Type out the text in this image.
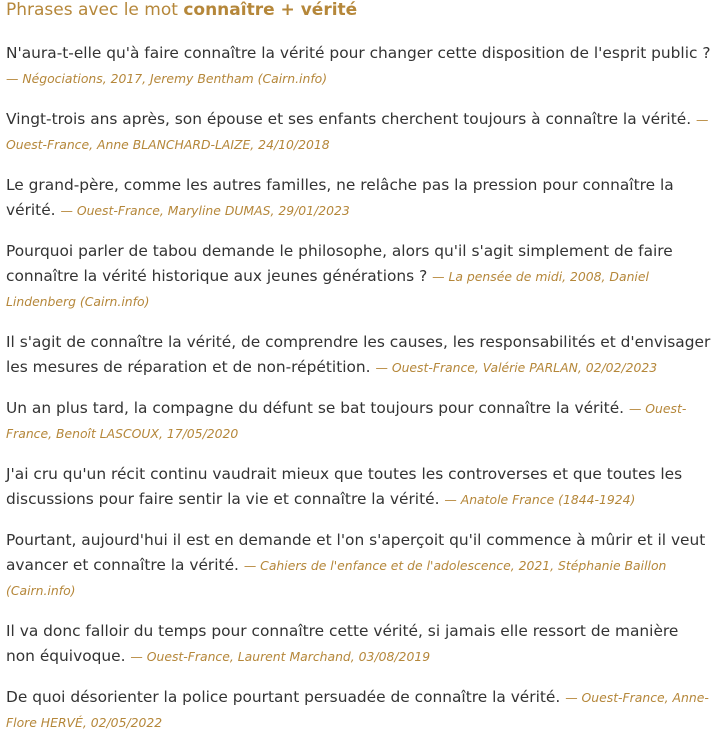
Phrases avec le mot connaître + vérité
N'aura-t-elle qu'à faire connaître la vérité pour changer cette disposition de l'esprit public ? — Négociations, 2017, Jeremy Bentham (Cairn.info)
Vingt-trois ans après, son épouse et ses enfants cherchent toujours à connaître la vérité. — Ouest-France, Anne BLANCHARD-LAIZE, 24/10/2018
Le grand-père, comme les autres familles, ne relâche pas la pression pour connaître la vérité. — Ouest-France, Maryline DUMAS, 29/01/2023
Pourquoi parler de tabou demande le philosophe, alors qu'il s'agit simplement de faire connaître la vérité historique aux jeunes générations ? — La pensée de midi, 2008, Daniel Lindenberg (Cairn.info)
Il s'agit de connaître la vérité, de comprendre les causes, les responsabilités et d'envisager les mesures de réparation et de non-répétition. — Ouest-France, Valérie PARLAN, 02/02/2023
Un an plus tard, la compagne du défunt se bat toujours pour connaître la vérité. — Ouest-France, Benoît LASCOUX, 17/05/2020
J'ai cru qu'un récit continu vaudrait mieux que toutes les controverses et que toutes les discussions pour faire sentir la vie et connaître la vérité. — Anatole France (1844-1924)
Pourtant, aujourd'hui il est en demande et l'on s'aperçoit qu'il commence à mûrir et il veut avancer et connaître la vérité. — Cahiers de l'enfance et de l'adolescence, 2021, Stéphanie Baillon (Cairn.info)
Il va donc falloir du temps pour connaître cette vérité, si jamais elle ressort de manière non équivoque. — Ouest-France, Laurent Marchand, 03/08/2019
De quoi désorienter la police pourtant persuadée de connaître la vérité. — Ouest-France, Anne-Flore HERVÉ, 02/05/2022
